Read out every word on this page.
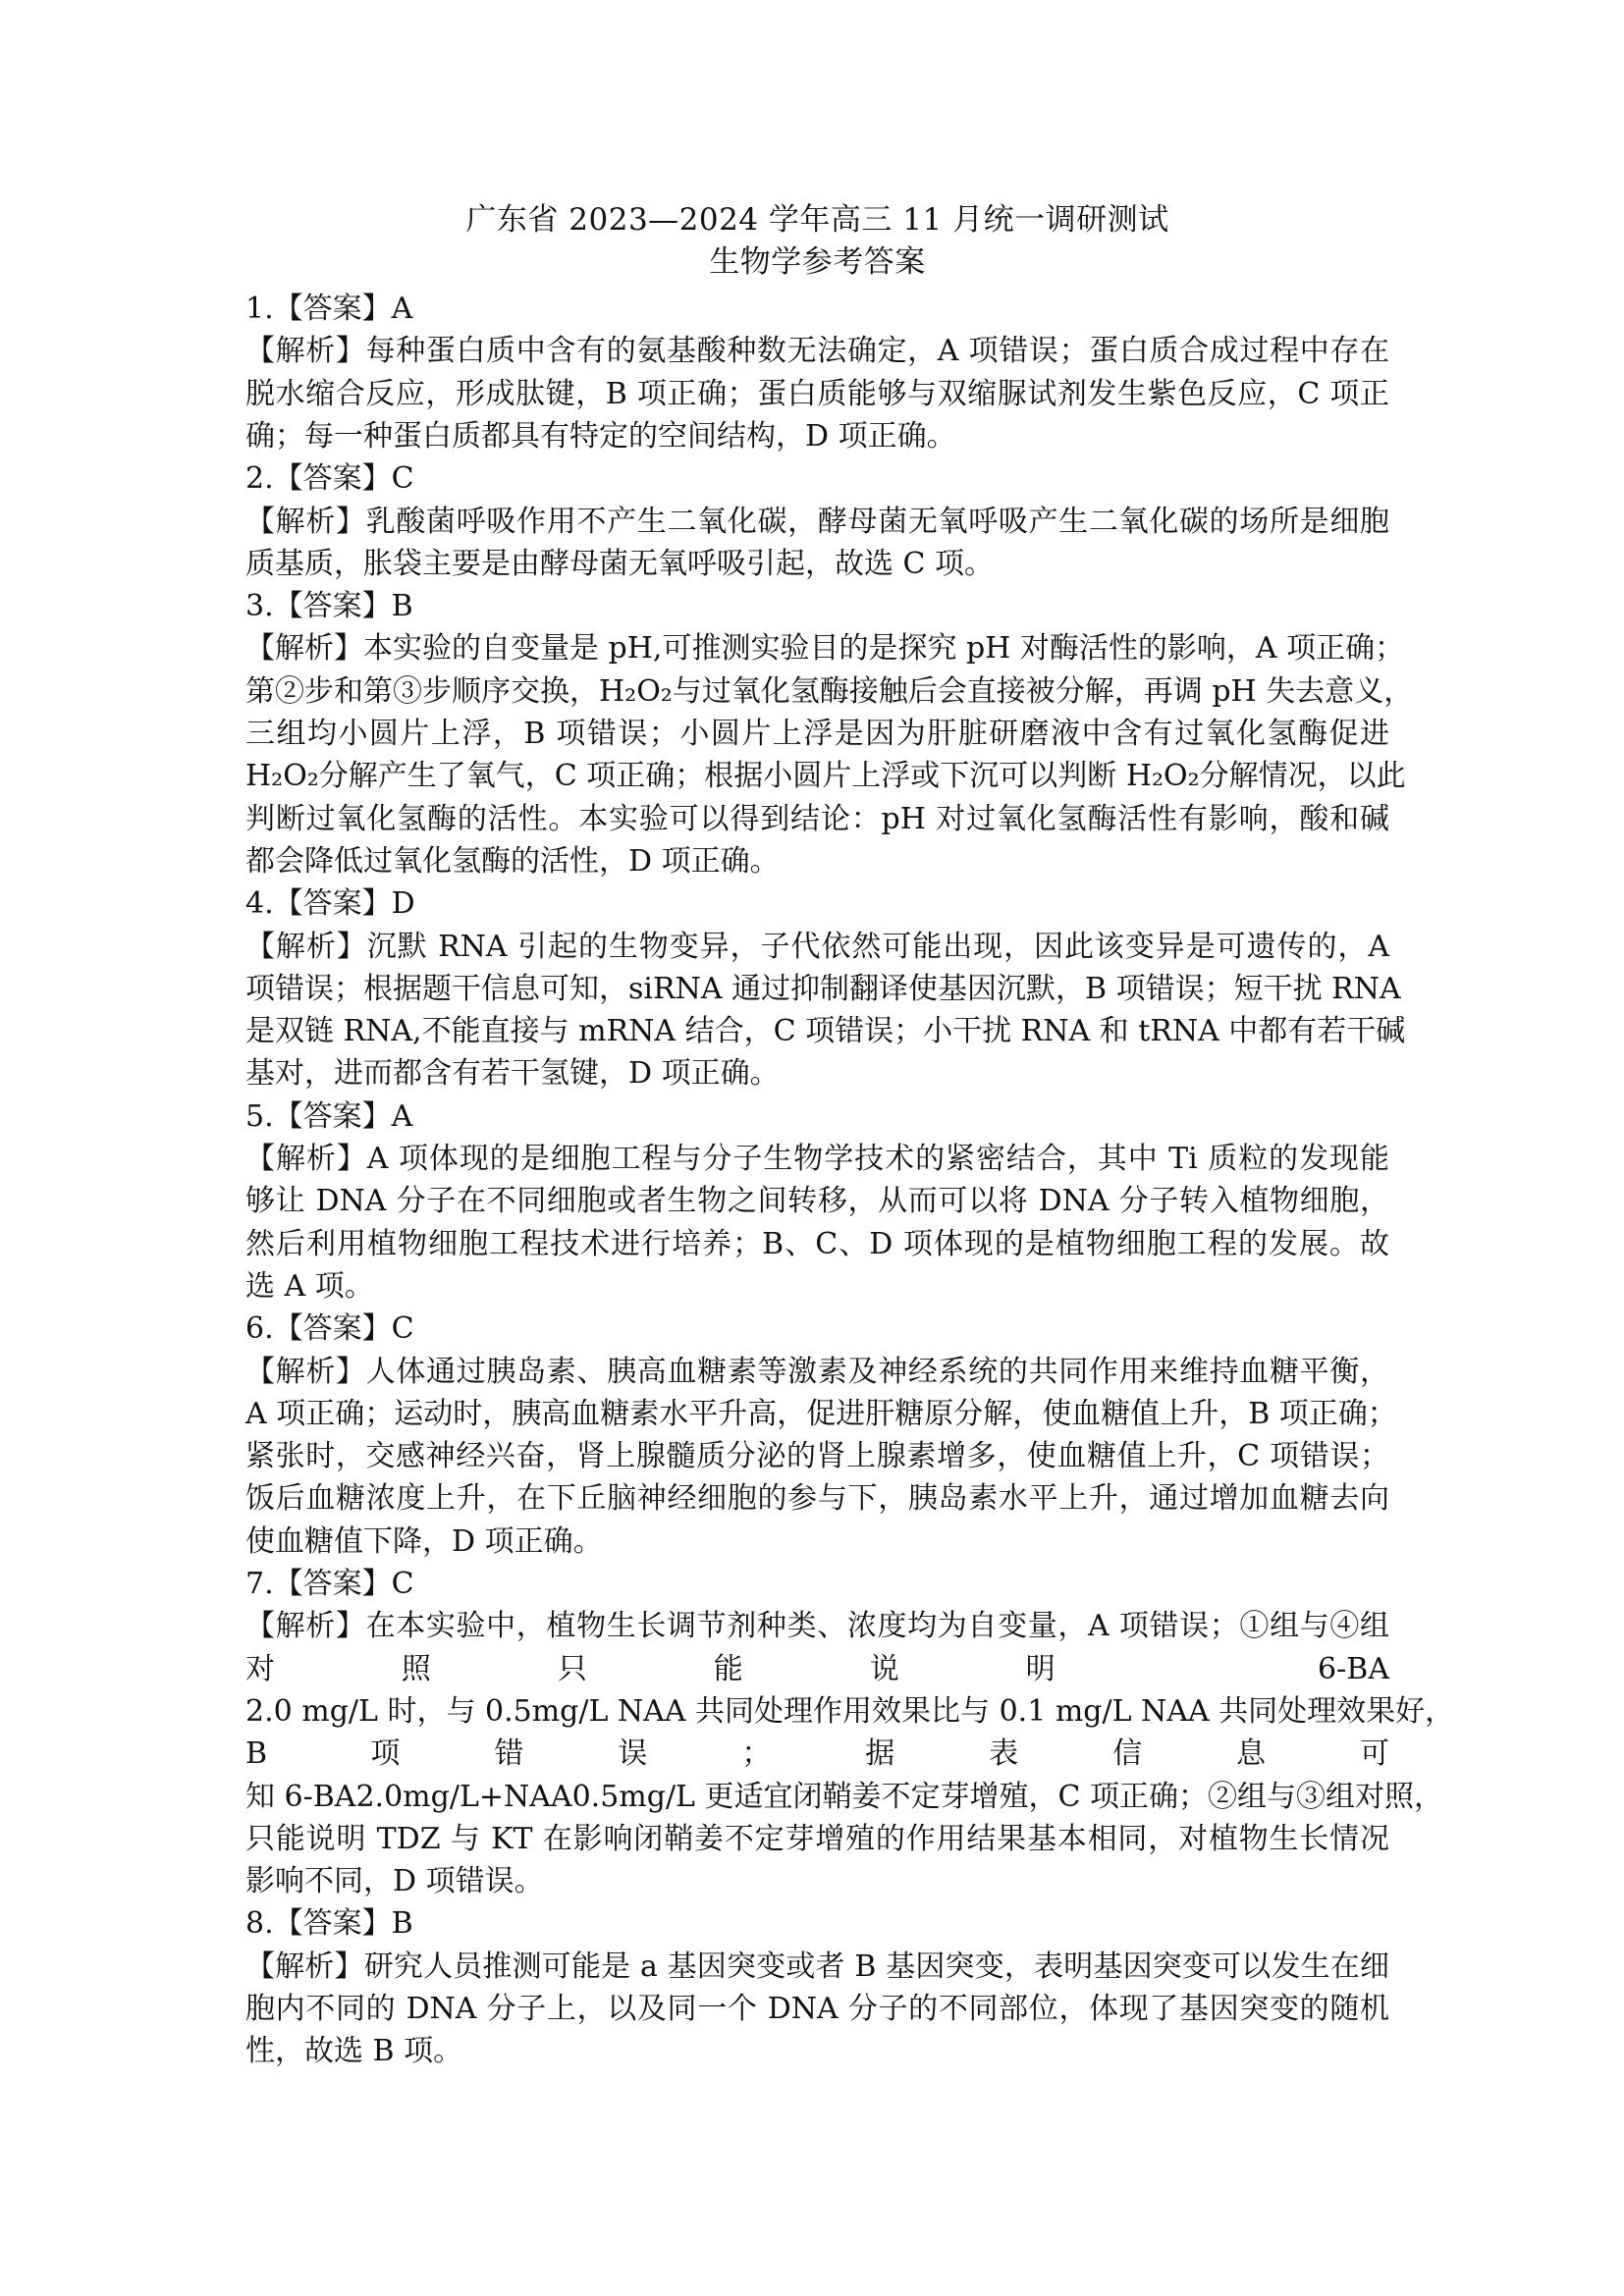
广东省 2023—2024 学年高三 11 月统一调研测试
生物学参考答案
1.【答案】A
【解析】每种蛋白质中含有的氨基酸种数无法确定，A 项错误；蛋白质合成过程中存在
脱水缩合反应，形成肽键，B 项正确；蛋白质能够与双缩脲试剂发生紫色反应，C 项正
确；每一种蛋白质都具有特定的空间结构，D 项正确。
2.【答案】C
【解析】乳酸菌呼吸作用不产生二氧化碳，酵母菌无氧呼吸产生二氧化碳的场所是细胞
质基质，胀袋主要是由酵母菌无氧呼吸引起，故选 C 项。
3.【答案】B
【解析】本实验的自变量是 pH,可推测实验目的是探究 pH 对酶活性的影响，A 项正确；
第②步和第③步顺序交换，H₂O₂与过氧化氢酶接触后会直接被分解，再调 pH 失去意义，
三组均小圆片上浮，B 项错误；小圆片上浮是因为肝脏研磨液中含有过氧化氢酶促进
H₂O₂分解产生了氧气，C 项正确；根据小圆片上浮或下沉可以判断 H₂O₂分解情况，以此
判断过氧化氢酶的活性。本实验可以得到结论：pH 对过氧化氢酶活性有影响，酸和碱
都会降低过氧化氢酶的活性，D 项正确。
4.【答案】D
【解析】沉默 RNA 引起的生物变异，子代依然可能出现，因此该变异是可遗传的，A
项错误；根据题干信息可知，siRNA 通过抑制翻译使基因沉默，B 项错误；短干扰 RNA
是双链 RNA,不能直接与 mRNA 结合，C 项错误；小干扰 RNA 和 tRNA 中都有若干碱
基对，进而都含有若干氢键，D 项正确。
5.【答案】A
【解析】A 项体现的是细胞工程与分子生物学技术的紧密结合，其中 Ti 质粒的发现能
够让 DNA 分子在不同细胞或者生物之间转移，从而可以将 DNA 分子转入植物细胞，
然后利用植物细胞工程技术进行培养；B、C、D 项体现的是植物细胞工程的发展。故
选 A 项。
6.【答案】C
【解析】人体通过胰岛素、胰高血糖素等激素及神经系统的共同作用来维持血糖平衡，
A 项正确；运动时，胰高血糖素水平升高，促进肝糖原分解，使血糖值上升，B 项正确；
紧张时，交感神经兴奋，肾上腺髓质分泌的肾上腺素增多，使血糖值上升，C 项错误；
饭后血糖浓度上升，在下丘脑神经细胞的参与下，胰岛素水平上升，通过增加血糖去向
使血糖值下降，D 项正确。
7.【答案】C
【解析】在本实验中，植物生长调节剂种类、浓度均为自变量，A 项错误；①组与④组
对照只能说明 6-BA
2.0 mg/L 时，与 0.5mg/L NAA 共同处理作用效果比与 0.1 mg/L NAA 共同处理效果好，
B 项错误；据表信息可
知 6-BA2.0mg/L+NAA0.5mg/L 更适宜闭鞘姜不定芽增殖，C 项正确；②组与③组对照，
只能说明 TDZ 与 KT 在影响闭鞘姜不定芽增殖的作用结果基本相同，对植物生长情况
影响不同，D 项错误。
8.【答案】B
【解析】研究人员推测可能是 a 基因突变或者 B 基因突变，表明基因突变可以发生在细
胞内不同的 DNA 分子上，以及同一个 DNA 分子的不同部位，体现了基因突变的随机
性，故选 B 项。
